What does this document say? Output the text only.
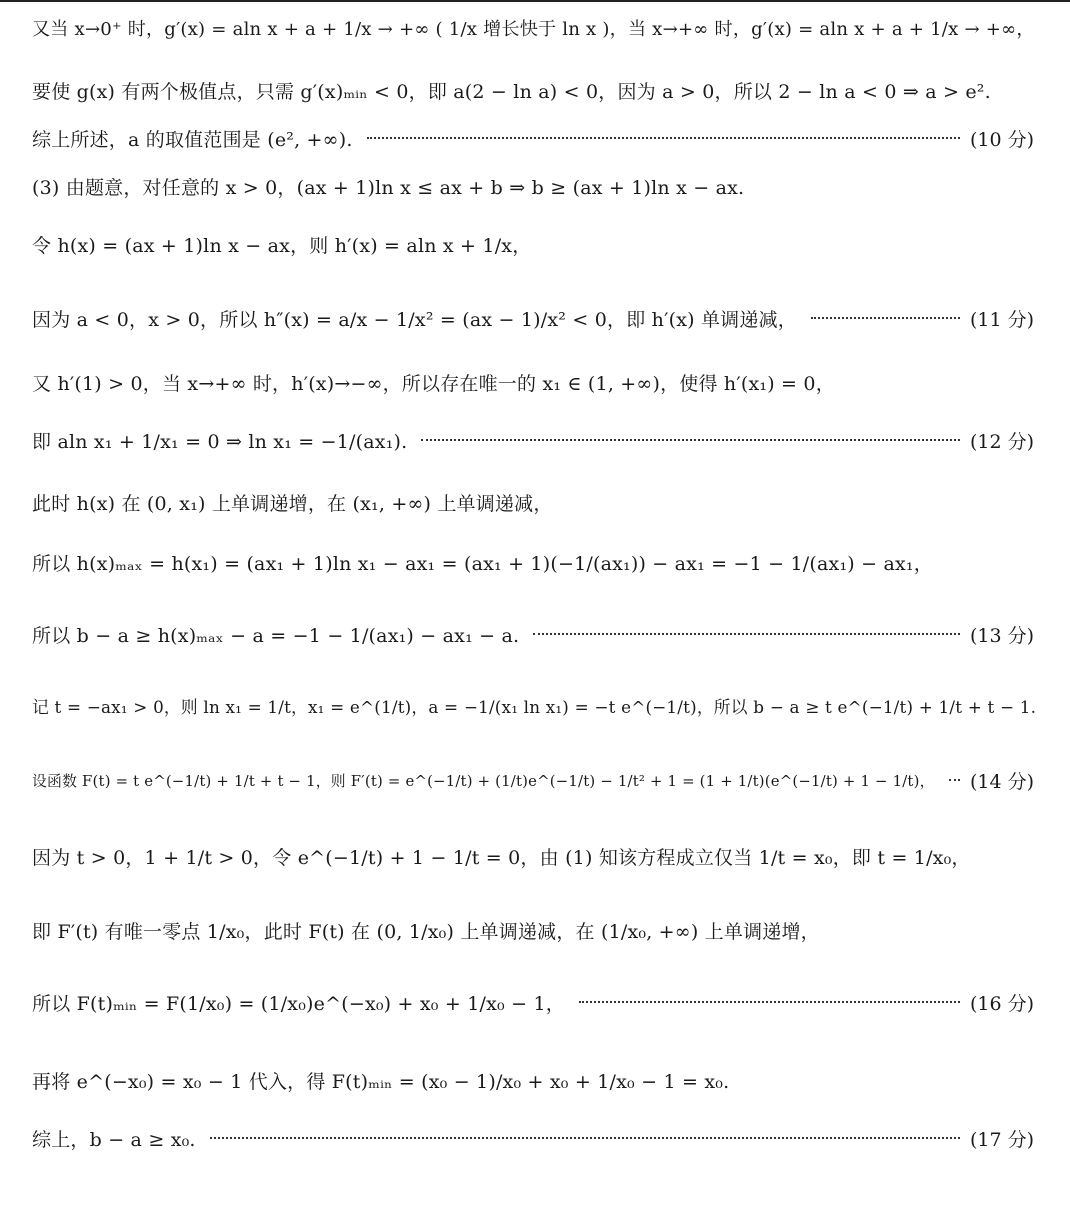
又当 x→0⁺ 时，g′(x) = aln x + a + 1/x → +∞ ( 1/x 增长快于 ln x )，当 x→+∞ 时，g′(x) = aln x + a + 1/x → +∞，
要使 g(x) 有两个极值点，只需 g′(x)ₘᵢₙ < 0，即 a(2 − ln a) < 0，因为 a > 0，所以 2 − ln a < 0 ⇒ a > e².
综上所述，a 的取值范围是 (e², +∞).	(10 分)
(3) 由题意，对任意的 x > 0，(ax + 1)ln x ≤ ax + b ⇒ b ≥ (ax + 1)ln x − ax.
令 h(x) = (ax + 1)ln x − ax，则 h′(x) = aln x + 1/x，
因为 a < 0，x > 0，所以 h″(x) = a/x − 1/x² = (ax − 1)/x² < 0，即 h′(x) 单调递减，	(11 分)
又 h′(1) > 0，当 x→+∞ 时，h′(x)→−∞，所以存在唯一的 x₁ ∈ (1, +∞)，使得 h′(x₁) = 0，
即 aln x₁ + 1/x₁ = 0 ⇒ ln x₁ = −1/(ax₁).	(12 分)
此时 h(x) 在 (0, x₁) 上单调递增，在 (x₁, +∞) 上单调递减，
所以 h(x)ₘₐₓ = h(x₁) = (ax₁ + 1)ln x₁ − ax₁ = (ax₁ + 1)(−1/(ax₁)) − ax₁ = −1 − 1/(ax₁) − ax₁，
所以 b − a ≥ h(x)ₘₐₓ − a = −1 − 1/(ax₁) − ax₁ − a.	(13 分)
记 t = −ax₁ > 0，则 ln x₁ = 1/t，x₁ = e^(1/t)，a = −1/(x₁ ln x₁) = −t e^(−1/t)，所以 b − a ≥ t e^(−1/t) + 1/t + t − 1.
设函数 F(t) = t e^(−1/t) + 1/t + t − 1，则 F′(t) = e^(−1/t) + (1/t)e^(−1/t) − 1/t² + 1 = (1 + 1/t)(e^(−1/t) + 1 − 1/t)， (14 分)
因为 t > 0，1 + 1/t > 0，令 e^(−1/t) + 1 − 1/t = 0，由 (1) 知该方程成立仅当 1/t = x₀，即 t = 1/x₀，
即 F′(t) 有唯一零点 1/x₀，此时 F(t) 在 (0, 1/x₀) 上单调递减，在 (1/x₀, +∞) 上单调递增，
所以 F(t)ₘᵢₙ = F(1/x₀) = (1/x₀)e^(−x₀) + x₀ + 1/x₀ − 1，	(16 分)
再将 e^(−x₀) = x₀ − 1 代入，得 F(t)ₘᵢₙ = (x₀ − 1)/x₀ + x₀ + 1/x₀ − 1 = x₀.
综上，b − a ≥ x₀.	(17 分)
